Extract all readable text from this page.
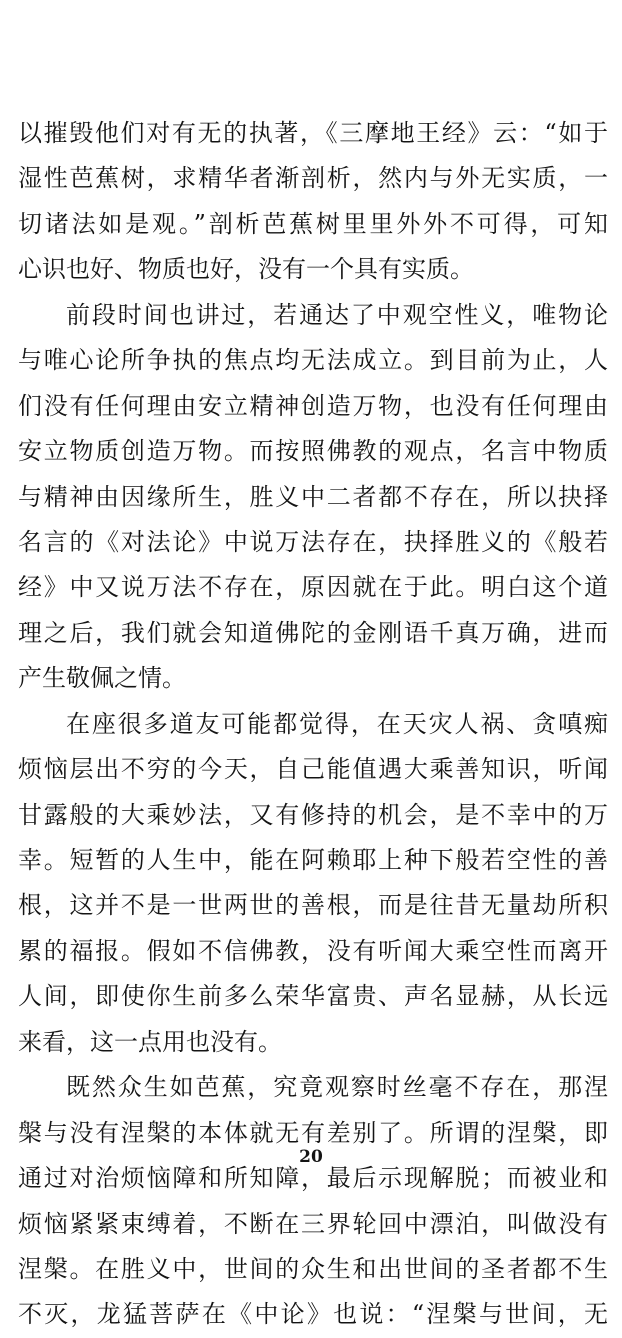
以摧毁他们对有无的执著，《三摩地王经》云：“如于
湿性芭蕉树，求精华者渐剖析，然内与外无实质，一
切诸法如是观。”剖析芭蕉树里里外外不可得，可知
心识也好、物质也好，没有一个具有实质。
前段时间也讲过，若通达了中观空性义，唯物论
与唯心论所争执的焦点均无法成立。到目前为止，人
们没有任何理由安立精神创造万物，也没有任何理由
安立物质创造万物。而按照佛教的观点，名言中物质
与精神由因缘所生，胜义中二者都不存在，所以抉择
名言的《对法论》中说万法存在，抉择胜义的《般若
经》中又说万法不存在，原因就在于此。明白这个道
理之后，我们就会知道佛陀的金刚语千真万确，进而
产生敬佩之情。
在座很多道友可能都觉得，在天灾人祸、贪嗔痴
烦恼层出不穷的今天，自己能值遇大乘善知识，听闻
甘露般的大乘妙法，又有修持的机会，是不幸中的万
幸。短暂的人生中，能在阿赖耶上种下般若空性的善
根，这并不是一世两世的善根，而是往昔无量劫所积
累的福报。假如不信佛教，没有听闻大乘空性而离开
人间，即使你生前多么荣华富贵、声名显赫，从长远
来看，这一点用也没有。
既然众生如芭蕉，究竟观察时丝毫不存在，那涅
槃与没有涅槃的本体就无有差别了。所谓的涅槃，即
通过对治烦恼障和所知障，最后示现解脱；而被业和
烦恼紧紧束缚着，不断在三界轮回中漂泊，叫做没有
涅槃。在胜义中，世间的众生和出世间的圣者都不生
不灭，龙猛菩萨在《中论》也说：“涅槃与世间，无
20
